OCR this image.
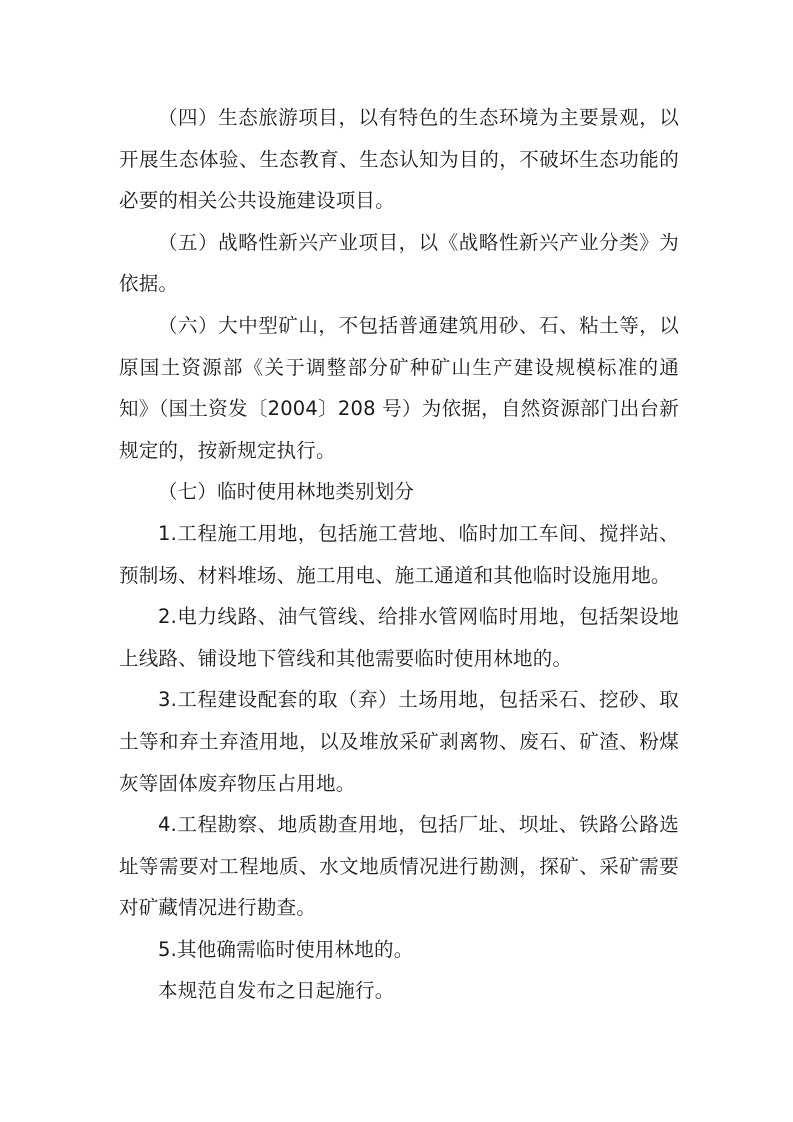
（四）生态旅游项目，以有特色的生态环境为主要景观，以开展生态体验、生态教育、生态认知为目的，不破坏生态功能的必要的相关公共设施建设项目。

（五）战略性新兴产业项目，以《战略性新兴产业分类》为依据。

（六）大中型矿山，不包括普通建筑用砂、石、粘土等，以原国土资源部《关于调整部分矿种矿山生产建设规模标准的通知》（国土资发〔2004〕208 号）为依据，自然资源部门出台新规定的，按新规定执行。

（七）临时使用林地类别划分

1.工程施工用地，包括施工营地、临时加工车间、搅拌站、预制场、材料堆场、施工用电、施工通道和其他临时设施用地。

2.电力线路、油气管线、给排水管网临时用地，包括架设地上线路、铺设地下管线和其他需要临时使用林地的。

3.工程建设配套的取（弃）土场用地，包括采石、挖砂、取土等和弃土弃渣用地，以及堆放采矿剥离物、废石、矿渣、粉煤灰等固体废弃物压占用地。

4.工程勘察、地质勘查用地，包括厂址、坝址、铁路公路选址等需要对工程地质、水文地质情况进行勘测，探矿、采矿需要对矿藏情况进行勘查。

5.其他确需临时使用林地的。

本规范自发布之日起施行。
